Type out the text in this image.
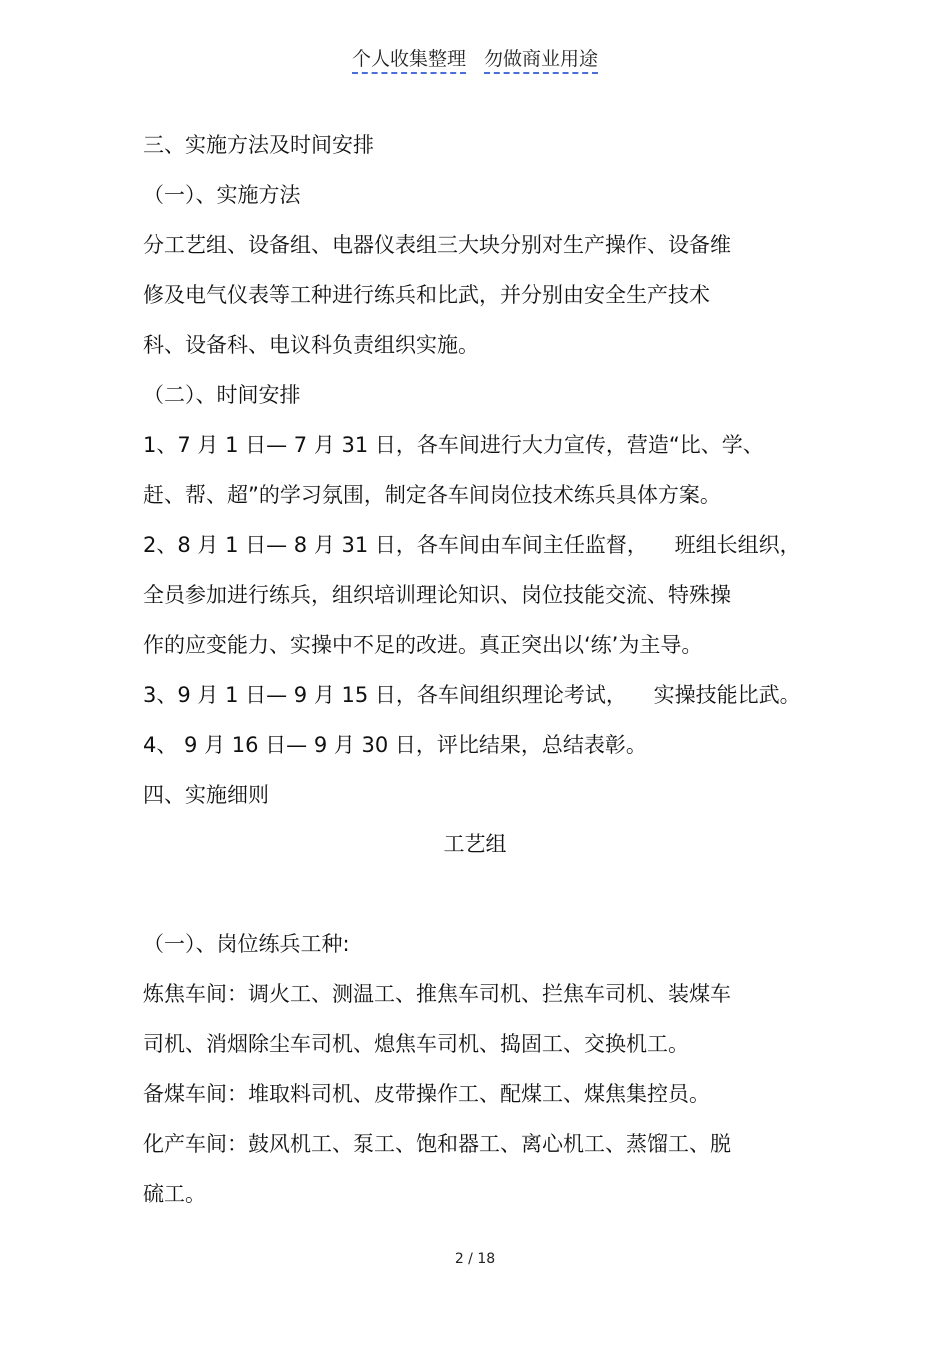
个人收集整理 勿做商业用途
三、实施方法及时间安排
（一）、实施方法
分工艺组、设备组、电器仪表组三大块分别对生产操作、设备维
修及电气仪表等工种进行练兵和比武，并分别由安全生产技术
科、设备科、电议科负责组织实施。
（二）、时间安排
1、7 月 1 日— 7 月 31 日，各车间进行大力宣传，营造“比、学、
赶、帮、超”的学习氛围，制定各车间岗位技术练兵具体方案。
2、8 月 1 日— 8 月 31 日，各车间由车间主任监督，    班组长组织，
全员参加进行练兵，组织培训理论知识、岗位技能交流、特殊操
作的应变能力、实操中不足的改进。真正突出以‘练’为主导。
3、9 月 1 日— 9 月 15 日，各车间组织理论考试，    实操技能比武。
4、 9 月 16 日— 9 月 30 日，评比结果，总结表彰。
四、实施细则
工艺组
（一）、岗位练兵工种:
炼焦车间：调火工、测温工、推焦车司机、拦焦车司机、装煤车
司机、消烟除尘车司机、熄焦车司机、捣固工、交换机工。
备煤车间：堆取料司机、皮带操作工、配煤工、煤焦集控员。
化产车间：鼓风机工、泵工、饱和器工、离心机工、蒸馏工、脱
硫工。
2 / 18
